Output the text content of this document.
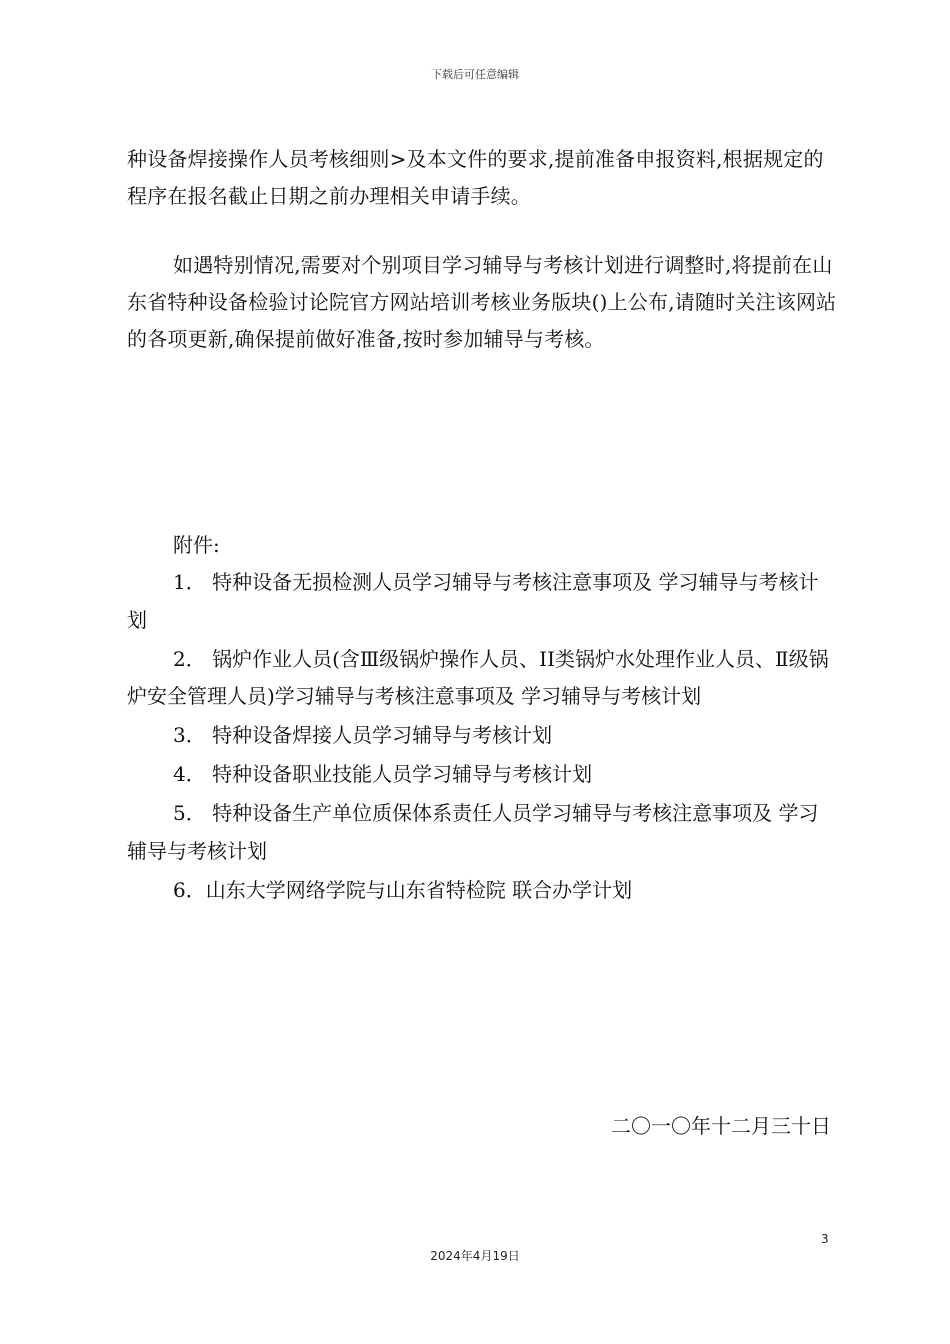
下载后可任意编辑
种设备焊接操作人员考核细则>及本文件的要求,提前准备申报资料,根据规定的程序在报名截止日期之前办理相关申请手续。
如遇特别情况,需要对个别项目学习辅导与考核计划进行调整时,将提前在山东省特种设备检验讨论院官方网站培训考核业务版块()上公布,请随时关注该网站的各项更新,确保提前做好准备,按时参加辅导与考核。
附件:
1． 特种设备无损检测人员学习辅导与考核注意事项及 学习辅导与考核计划
2． 锅炉作业人员(含Ⅲ级锅炉操作人员、II类锅炉水处理作业人员、Ⅱ级锅炉安全管理人员)学习辅导与考核注意事项及 学习辅导与考核计划
3． 特种设备焊接人员学习辅导与考核计划
4． 特种设备职业技能人员学习辅导与考核计划
5． 特种设备生产单位质保体系责任人员学习辅导与考核注意事项及 学习辅导与考核计划
6．山东大学网络学院与山东省特检院 联合办学计划
二〇一〇年十二月三十日
3
2024年4月19日
